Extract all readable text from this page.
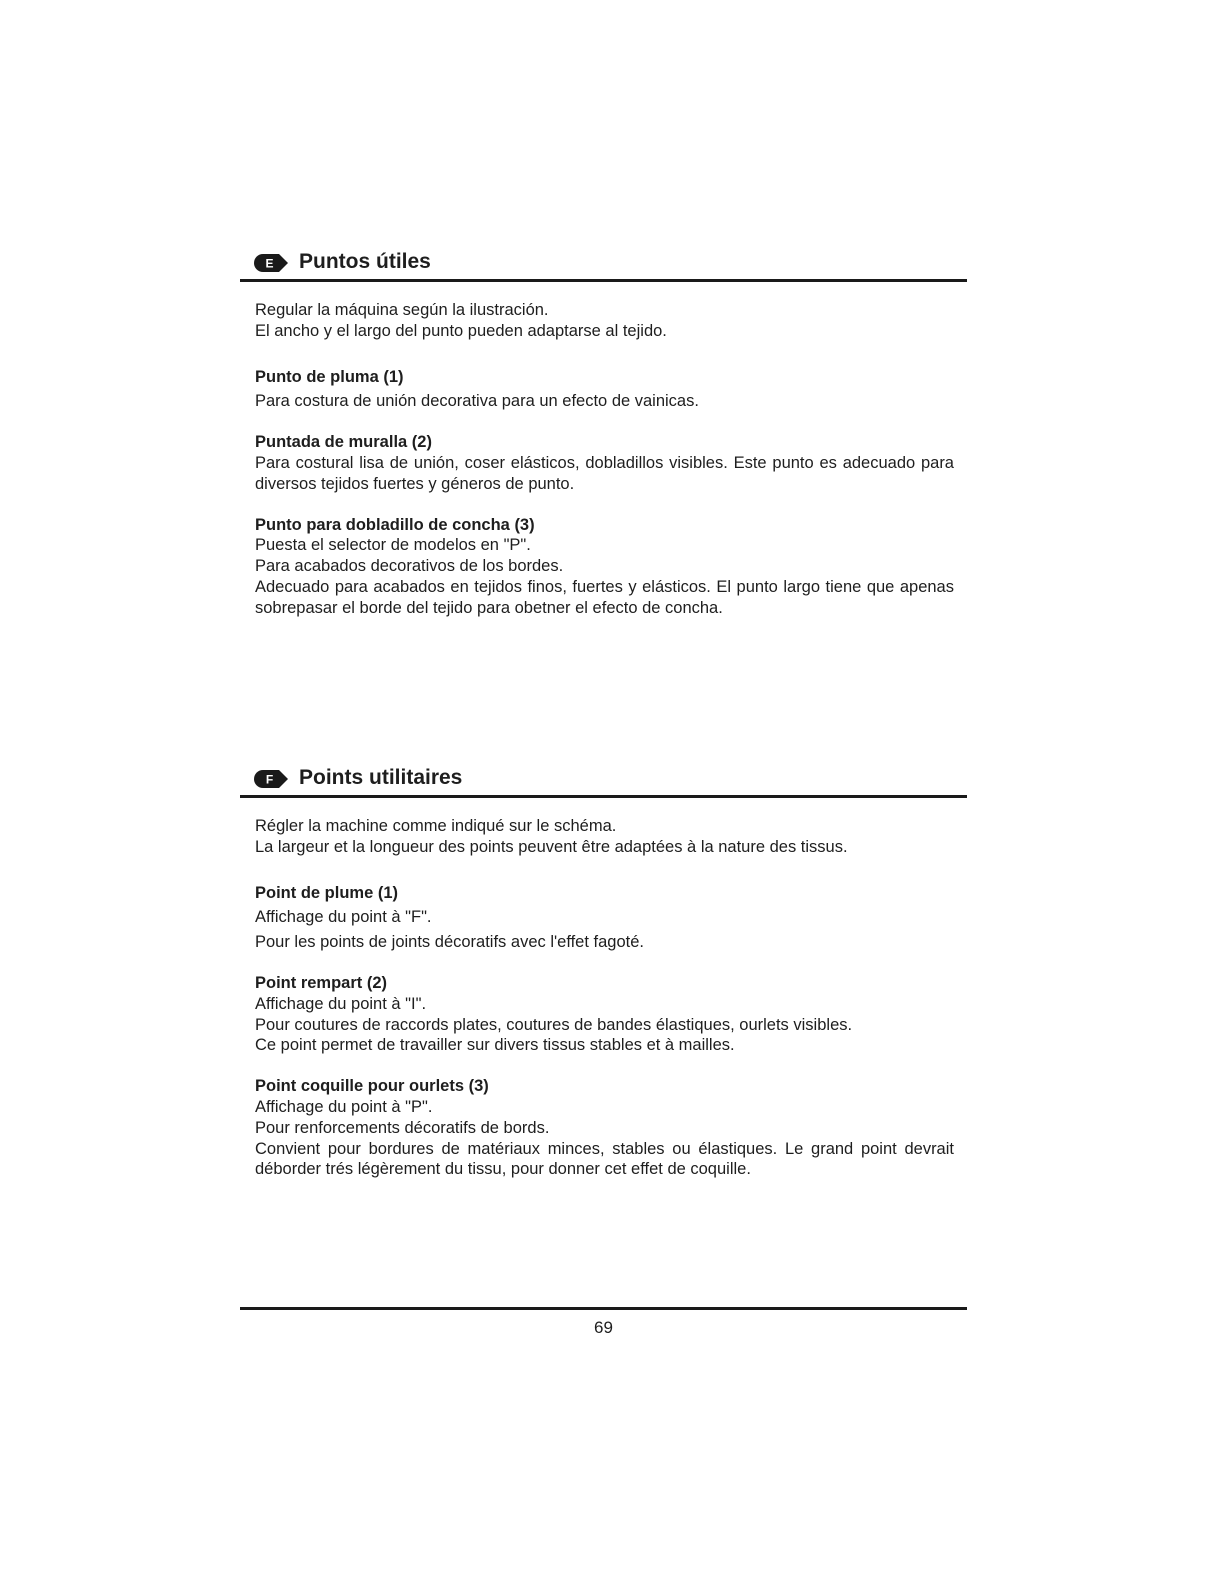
E Puntos útiles

Regular la máquina según la ilustración.

El ancho y el largo del punto pueden adaptarse al tejido.

Punto de pluma (1)

Para costura de unión decorativa para un efecto de vainicas.

Puntada de muralla (2)

Para costural lisa de unión, coser elásticos, dobladillos visibles. Este punto es adecuado para diversos tejidos fuertes y géneros de punto.

Punto para dobladillo de concha (3)

Puesta el selector de modelos en "P".

Para acabados decorativos de los bordes.

Adecuado para acabados en tejidos finos, fuertes y elásticos. El punto largo tiene que apenas sobrepasar el borde del tejido para obetner el efecto de concha.

F Points utilitaires

Régler la machine comme indiqué sur le schéma.

La largeur et la longueur des points peuvent être adaptées à la nature des tissus.

Point de plume (1)

Affichage du point à "F".

Pour les points de joints décoratifs avec l'effet fagoté.

Point rempart (2)

Affichage du point à "I".

Pour coutures de raccords plates, coutures de bandes élastiques, ourlets visibles.

Ce point permet de travailler sur divers tissus stables et à mailles.

Point coquille pour ourlets (3)

Affichage du point à "P".

Pour renforcements décoratifs de bords.

Convient pour bordures de matériaux minces, stables ou élastiques. Le grand point devrait déborder trés légèrement du tissu, pour donner cet effet de coquille.

69
